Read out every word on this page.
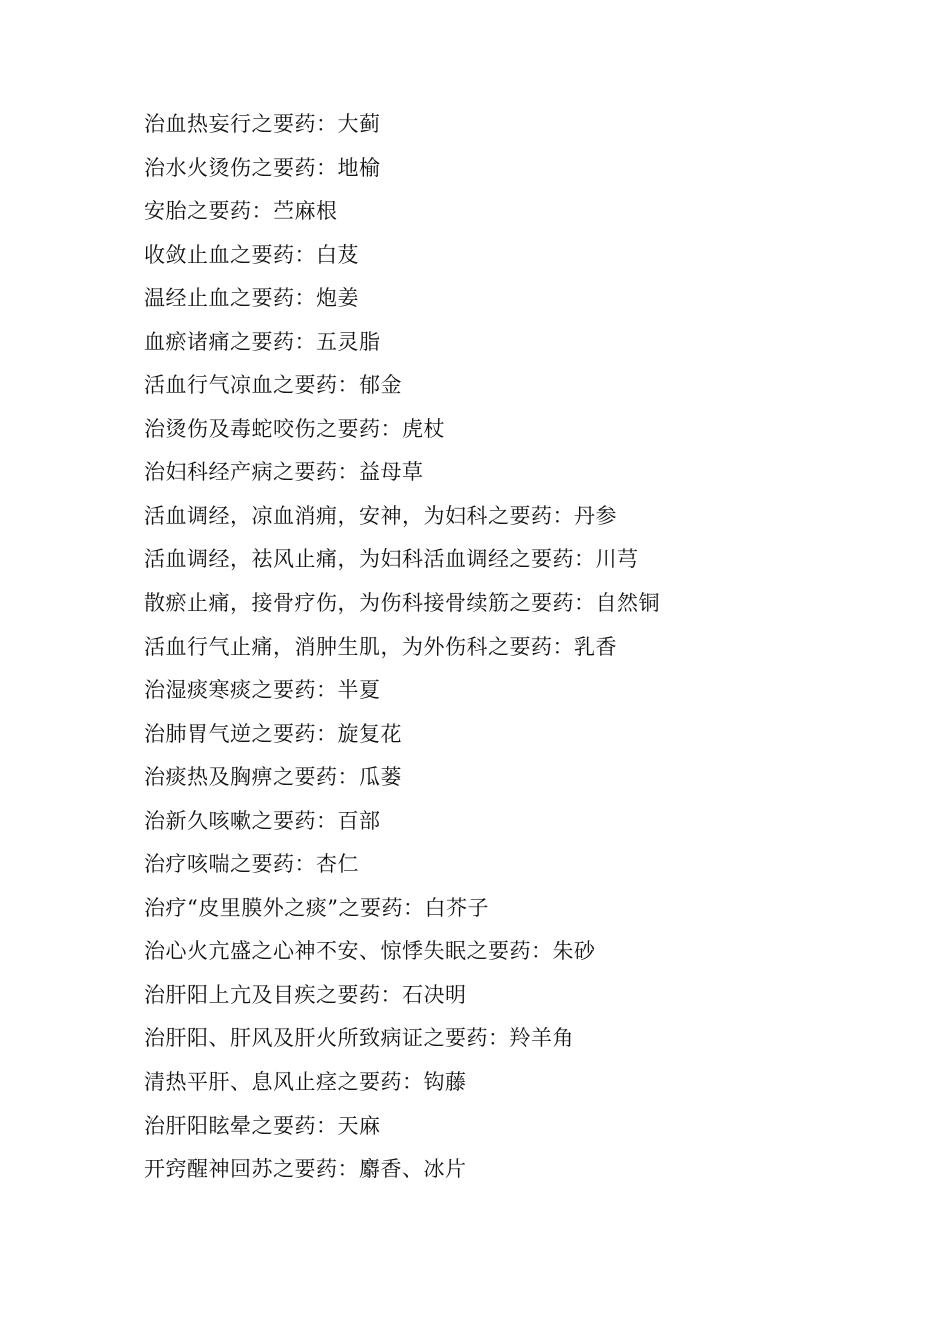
治血热妄行之要药：大蓟
治水火烫伤之要药：地榆
安胎之要药：苎麻根
收敛止血之要药：白芨
温经止血之要药：炮姜
血瘀诸痛之要药：五灵脂
活血行气凉血之要药：郁金
治烫伤及毒蛇咬伤之要药：虎杖
治妇科经产病之要药：益母草
活血调经，凉血消痈，安神，为妇科之要药：丹参
活血调经，祛风止痛，为妇科活血调经之要药：川芎
散瘀止痛，接骨疗伤，为伤科接骨续筋之要药：自然铜
活血行气止痛，消肿生肌，为外伤科之要药：乳香
治湿痰寒痰之要药：半夏
治肺胃气逆之要药：旋复花
治痰热及胸痹之要药：瓜蒌
治新久咳嗽之要药：百部
治疗咳喘之要药：杏仁
治疗“皮里膜外之痰”之要药：白芥子
治心火亢盛之心神不安、惊悸失眠之要药：朱砂
治肝阳上亢及目疾之要药：石决明
治肝阳、肝风及肝火所致病证之要药：羚羊角
清热平肝、息风止痉之要药：钩藤
治肝阳眩晕之要药：天麻
开窍醒神回苏之要药：麝香、冰片
